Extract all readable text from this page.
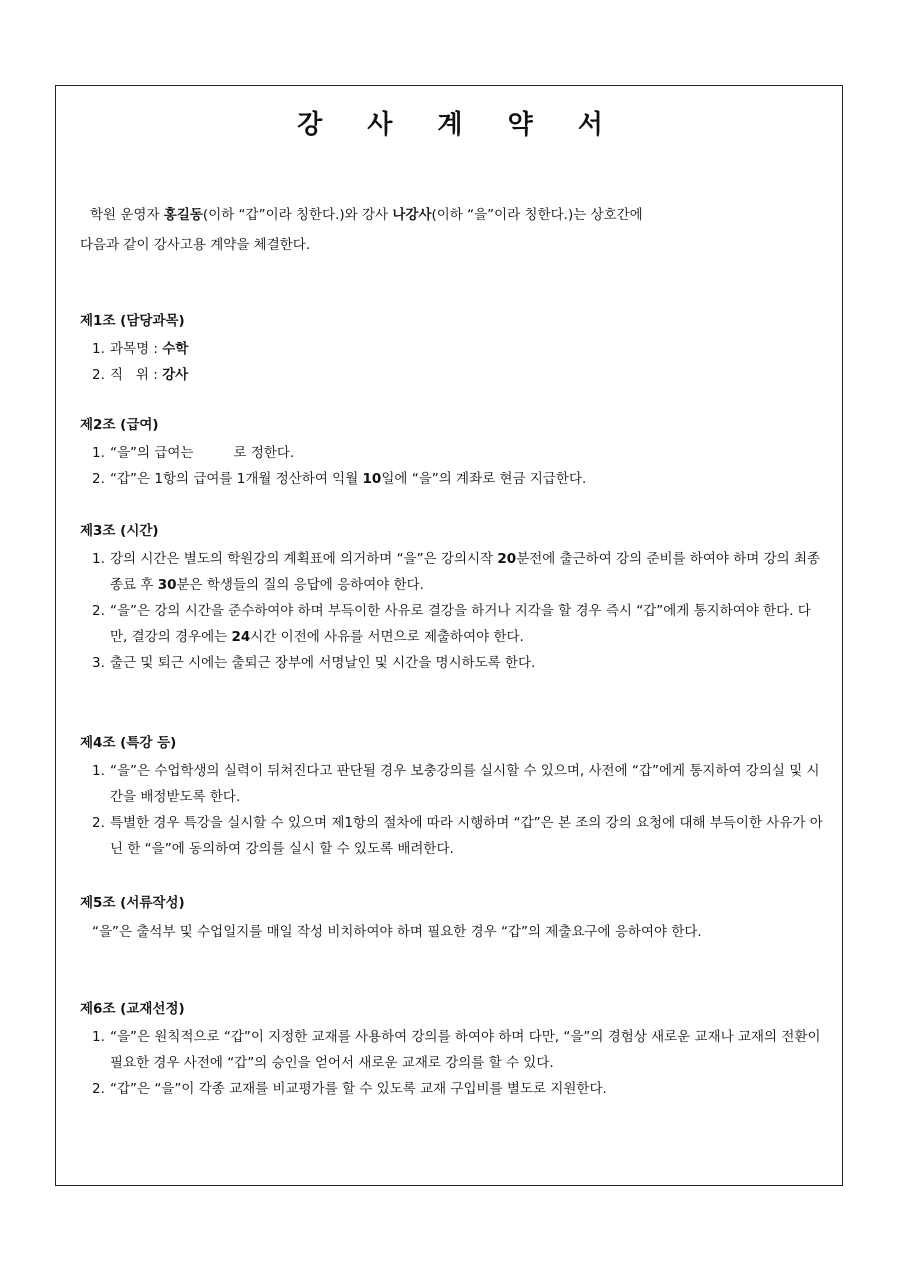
강 사 계 약 서
학원 운영자 홍길동(이하 “갑”이라 칭한다.)와 강사 나강사(이하 “을”이라 칭한다.)는 상호간에
다음과 같이 강사고용 계약을 체결한다.
제1조 (담당과목)
1. 과목명 : 수학
2. 직   위 : 강사
제2조 (급여)
1. “을”의 급여는	로 정한다.
2. “갑”은 1항의 급여를 1개월 정산하여 익월 10일에 “을”의 계좌로 현금 지급한다.
제3조 (시간)
1. 강의 시간은 별도의 학원강의 계획표에 의거하며 “을”은 강의시작 20분전에 출근하여 강의 준비를 하여야 하며 강의 최종 종료 후 30분은 학생들의 질의 응답에 응하여야 한다.
2. “을”은 강의 시간을 준수하여야 하며 부득이한 사유로 결강을 하거나 지각을 할 경우 즉시 “갑”에게 통지하여야 한다. 다만, 결강의 경우에는 24시간 이전에 사유를 서면으로 제출하여야 한다.
3. 출근 및 퇴근 시에는 출퇴근 장부에 서명날인 및 시간을 명시하도록 한다.
제4조 (특강 등)
1. “을”은 수업학생의 실력이 뒤쳐진다고 판단될 경우 보충강의를 실시할 수 있으며, 사전에 “갑”에게 통지하여 강의실 및 시간을 배정받도록 한다.
2. 특별한 경우 특강을 실시할 수 있으며 제1항의 절차에 따라 시행하며 “갑”은 본 조의 강의 요청에 대해 부득이한 사유가 아닌 한 “을”에 동의하여 강의를 실시 할 수 있도록 배려한다.
제5조 (서류작성)
“을”은 출석부 및 수업일지를 매일 작성 비치하여야 하며 필요한 경우 “갑”의 제출요구에 응하여야 한다.
제6조 (교재선정)
1. “을”은 원칙적으로 “갑”이 지정한 교재를 사용하여 강의를 하여야 하며 다만, “을”의 경험상 새로운 교재나 교재의 전환이 필요한 경우 사전에 “갑”의 승인을 얻어서 새로운 교재로 강의를 할 수 있다.
2. “갑”은 “을”이 각종 교재를 비교평가를 할 수 있도록 교재 구입비를 별도로 지원한다.
